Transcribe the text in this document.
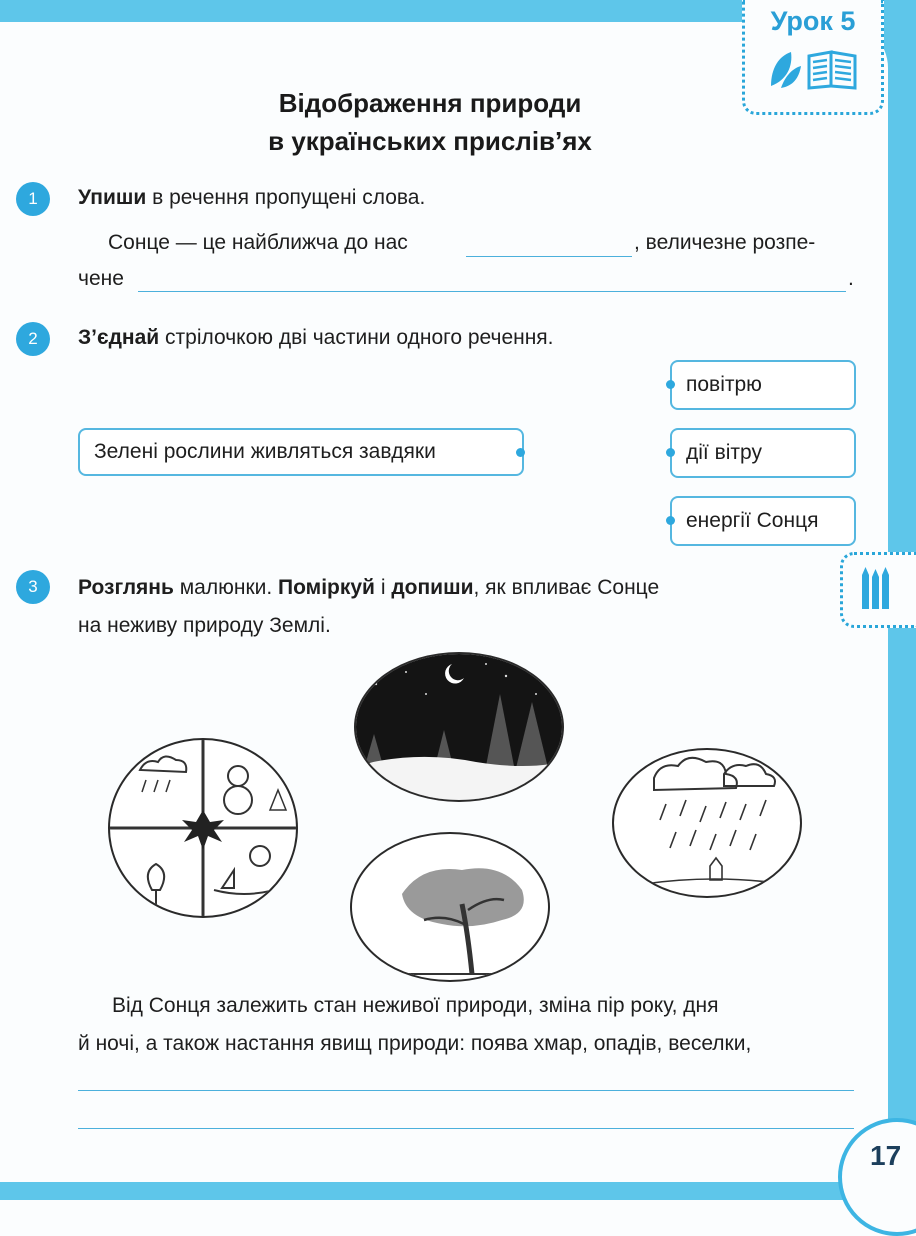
Урок 5
17
Відображення природи
в українських прислів’ях
1	Упиши в речення пропущені слова.
Сонце — це найближча до нас	, величезне розпе-
чене	.
2	З’єднай стрілочкою дві частини одного речення.
Зелені рослини живляться завдяки
повітрю
дії вітру
енергії Сонця
3	Розглянь малюнки. Поміркуй і допиши, як впливає Сонце
на неживу природу Землі.
Від Сонця залежить стан неживої природи, зміна пір року, дня
й ночі, а також настання явищ природи: поява хмар, опадів, веселки,
